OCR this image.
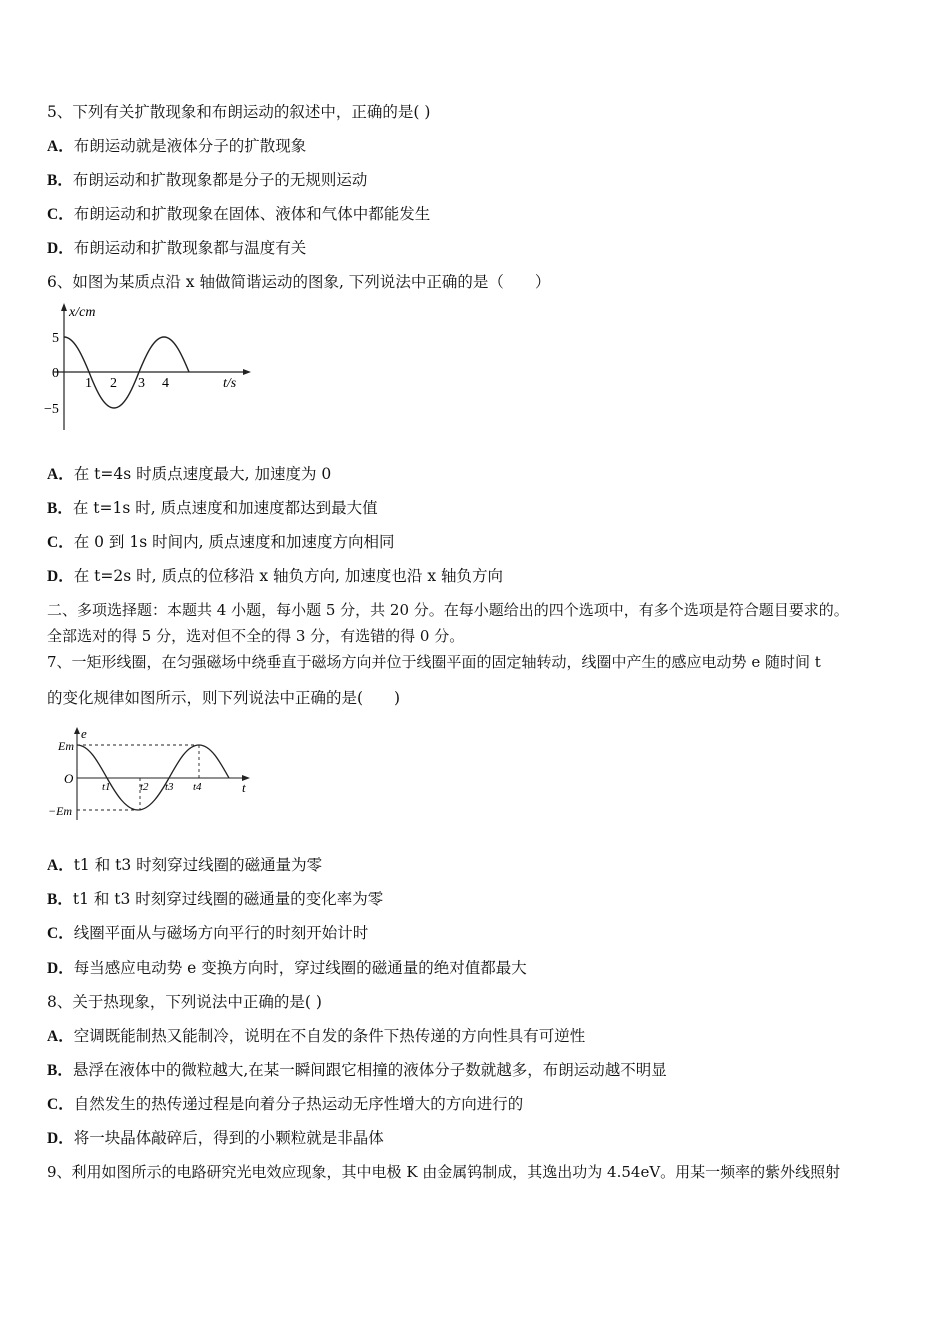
5、下列有关扩散现象和布朗运动的叙述中，正确的是( )
A．布朗运动就是液体分子的扩散现象
B．布朗运动和扩散现象都是分子的无规则运动
C．布朗运动和扩散现象在固体、液体和气体中都能发生
D．布朗运动和扩散现象都与温度有关
6、如图为某质点沿 x 轴做简谐运动的图象, 下列说法中正确的是（　　）
x/cm
t/s
5
0
−5
1 2 3 4
A．在 t=4s 时质点速度最大, 加速度为 0
B．在 t=1s 时, 质点速度和加速度都达到最大值
C．在 0 到 1s 时间内, 质点速度和加速度方向相同
D．在 t=2s 时, 质点的位移沿 x 轴负方向, 加速度也沿 x 轴负方向
二、多项选择题：本题共 4 小题，每小题 5 分，共 20 分。在每小题给出的四个选项中，有多个选项是符合题目要求的。
全部选对的得 5 分，选对但不全的得 3 分，有选错的得 0 分。
7、一矩形线圈，在匀强磁场中绕垂直于磁场方向并位于线圈平面的固定轴转动，线圈中产生的感应电动势 e 随时间 t
的变化规律如图所示，则下列说法中正确的是(　　)
e
t
Em
O
−Em
t1	t2 t3 t4
A．t1 和 t3 时刻穿过线圈的磁通量为零
B．t1 和 t3 时刻穿过线圈的磁通量的变化率为零
C．线圈平面从与磁场方向平行的时刻开始计时
D．每当感应电动势 e 变换方向时，穿过线圈的磁通量的绝对值都最大
8、关于热现象，下列说法中正确的是( )
A．空调既能制热又能制冷，说明在不自发的条件下热传递的方向性具有可逆性
B．悬浮在液体中的微粒越大,在某一瞬间跟它相撞的液体分子数就越多，布朗运动越不明显
C．自然发生的热传递过程是向着分子热运动无序性增大的方向进行的
D．将一块晶体敲碎后，得到的小颗粒就是非晶体
9、利用如图所示的电路研究光电效应现象，其中电极 K 由金属钨制成，其逸出功为 4.54eV。用某一频率的紫外线照射
